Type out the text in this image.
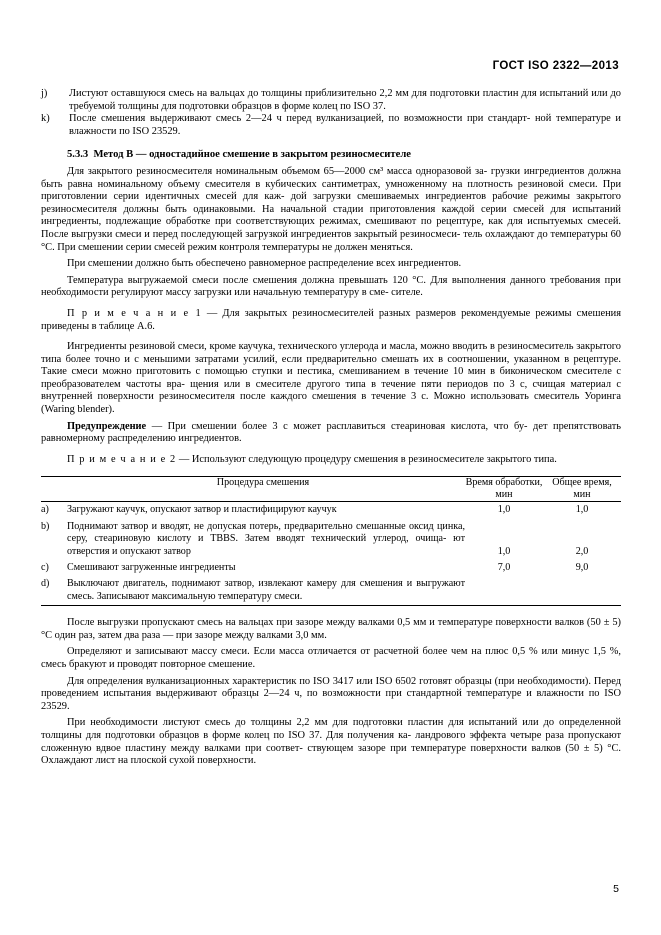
ГОСТ ISO 2322—2013
j)	Листуют оставшуюся смесь на вальцах до толщины приблизительно 2,2 мм для подготовки пластин для испытаний или до требуемой толщины для подготовки образцов в форме колец по ISO 37.
k)	После смешения выдерживают смесь 2—24 ч перед вулканизацией, по возможности при стандарт- ной температуре и влажности по ISO 23529.

5.3.3 Метод В — одностадийное смешение в закрытом резиносмесителе

Для закрытого резиносмесителя номинальным объемом 65—2000 см³ масса одноразовой за- грузки ингредиентов должна быть равна номинальному объему смесителя в кубических сантиметрах, умноженному на плотность резиновой смеси. При приготовлении серии идентичных смесей для каж- дой загрузки смешиваемых ингредиентов рабочие режимы закрытого резиносмесителя должны быть одинаковыми. На начальной стадии приготовления каждой серии смесей для испытаний ингредиенты, подлежащие обработке при соответствующих режимах, смешивают по рецептуре, как для испытуемых смесей. После выгрузки смеси и перед последующей загрузкой ингредиентов закрытый резиносмеси- тель охлаждают до температуры 60 °С. При смешении серии смесей режим контроля температуры не должен меняться.

При смешении должно быть обеспечено равномерное распределение всех ингредиентов.

Температура выгружаемой смеси после смешения должна превышать 120 °С. Для выполнения данного требования при необходимости регулируют массу загрузки или начальную температуру в сме- сителе.

П р и м е ч а н и е 1 — Для закрытых резиносмесителей разных размеров рекомендуемые режимы смешения приведены в таблице А.6.

Ингредиенты резиновой смеси, кроме каучука, технического углерода и масла, можно вводить в резиносмеситель закрытого типа более точно и с меньшими затратами усилий, если предварительно смешать их в соотношении, указанном в рецептуре. Такие смеси можно приготовить с помощью ступки и пестика, смешиванием в течение 10 мин в биконическом смесителе с преобразователем частоты вра- щения или в смесителе другого типа в течение пяти периодов по 3 с, счищая материал с внутренней поверхности резиносмесителя после каждого смешения в течение 3 с. Можно использовать смеситель Уоринга (Waring blender).

Предупреждение — При смешении более 3 с может расплавиться стеариновая кислота, что бу- дет препятствовать равномерному распределению ингредиентов.

П р и м е ч а н и е 2 — Используют следующую процедуру смешения в резиносмесителе закрытого типа.

	Процедура смешения	Время обработки, мин	Общее время, мин
a)	Загружают каучук, опускают затвор и пластифицируют каучук	1,0	1,0
b)	Поднимают затвор и вводят, не допуская потерь, предварительно смешанные оксид цинка, серу, стеариновую кислоту и TBBS. Затем вводят технический углерод, очища- ют отверстия и опускают затвор	1,0	2,0
c)	Смешивают загруженные ингредиенты	7,0	9,0
d)	Выключают двигатель, поднимают затвор, извлекают камеру для смешения и выгружают смесь. Записывают максимальную температуру смеси.		

После выгрузки пропускают смесь на вальцах при зазоре между валками 0,5 мм и температуре поверхности валков (50 ± 5) °С один раз, затем два раза — при зазоре между валками 3,0 мм.

Определяют и записывают массу смеси. Если масса отличается от расчетной более чем на плюс 0,5 % или минус 1,5 %, смесь бракуют и проводят повторное смешение.

Для определения вулканизационных характеристик по ISO 3417 или ISO 6502 готовят образцы (при необходимости). Перед проведением испытания выдерживают образцы 2—24 ч, по возможности при стандартной температуре и влажности по ISO 23529.

При необходимости листуют смесь до толщины 2,2 мм для подготовки пластин для испытаний или до определенной толщины для подготовки образцов в форме колец по ISO 37. Для получения ка- ландрового эффекта четыре раза пропускают сложенную вдвое пластину между валками при соответ- ствующем зазоре при температуре поверхности валков (50 ± 5) °С. Охлаждают лист на плоской сухой поверхности.

5
